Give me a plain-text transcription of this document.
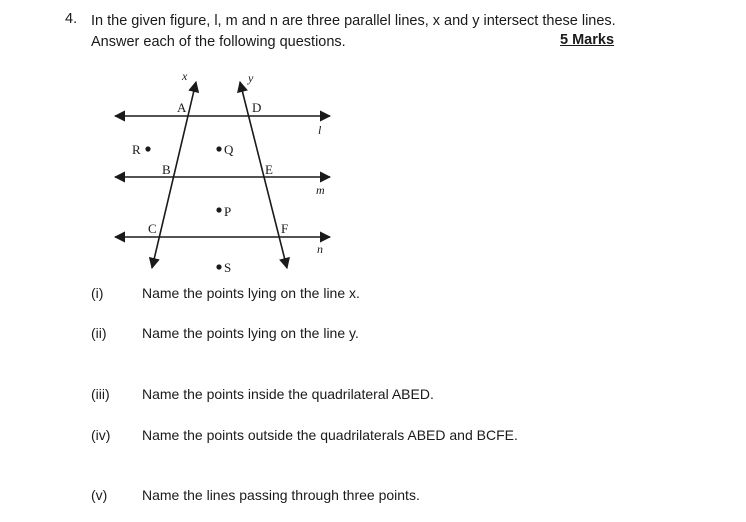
4. In the given figure, l, m and n are three parallel lines, x and y intersect these lines. Answer each of the following questions.	5 Marks
x	y
l
m
n
A
B
C
D
E
F
R	Q
P
S
(i)	Name the points lying on the line x.
(ii)	Name the points lying on the line y.
(iii) Name the points inside the quadrilateral ABED.
(iv) Name the points outside the quadrilaterals ABED and BCFE.
(v) Name the lines passing through three points.
